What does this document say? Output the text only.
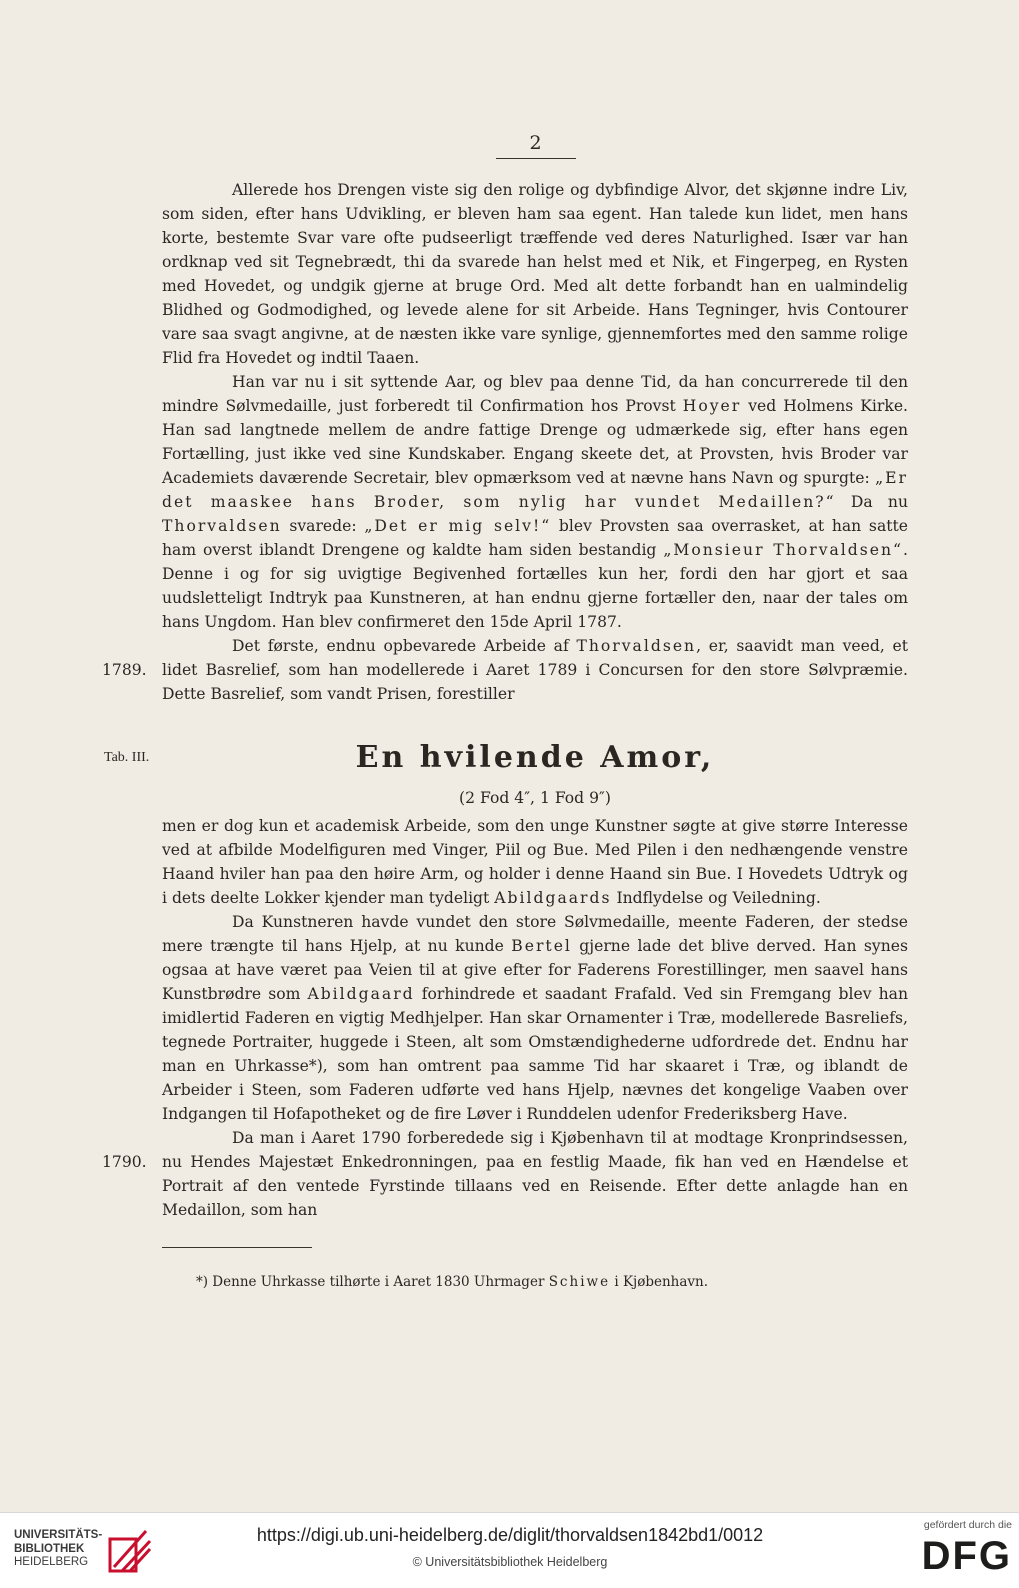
2

Allerede hos Drengen viste sig den rolige og dybfindige Alvor, det skjønne indre Liv, som siden, efter hans Udvikling, er bleven ham saa egent. Han talede kun lidet, men hans korte, bestemte Svar vare ofte pudseerligt træffende ved deres Naturlighed. Især var han ordknap ved sit Tegnebrædt, thi da svarede han helst med et Nik, et Fingerpeg, en Rysten med Hovedet, og undgik gjerne at bruge Ord. Med alt dette forbandt han en ualmindelig Blidhed og Godmodighed, og levede alene for sit Arbeide. Hans Tegninger, hvis Contourer vare saa svagt angivne, at de næsten ikke vare synlige, gjennemfortes med den samme rolige Flid fra Hovedet og indtil Taaen.

Han var nu i sit syttende Aar, og blev paa denne Tid, da han concurrerede til den mindre Sølvmedaille, just forberedt til Confirmation hos Provst Hoyer ved Holmens Kirke. Han sad langtnede mellem de andre fattige Drenge og udmærkede sig, efter hans egen Fortælling, just ikke ved sine Kundskaber. Engang skeete det, at Provsten, hvis Broder var Academiets daværende Secretair, blev opmærksom ved at nævne hans Navn og spurgte: „Er det maaskee hans Broder, som nylig har vundet Medaillen?“ Da nu Thorvaldsen svarede: „Det er mig selv!“ blev Provsten saa overrasket, at han satte ham overst iblandt Drengene og kaldte ham siden bestandig „Monsieur Thorvaldsen“. Denne i og for sig uvigtige Begivenhed fortælles kun her, fordi den har gjort et saa uudsletteligt Indtryk paa Kunstneren, at han endnu gjerne fortæller den, naar der tales om hans Ungdom. Han blev confirmeret den 15de April 1787.

Det første, endnu opbevarede Arbeide af Thorvaldsen, er, saavidt man veed, et lidet Basrelief, som han modellerede i Aaret 1789 i Concursen for den store Sølvpræmie. Dette Basrelief, som vandt Prisen, forestiller

1789.
Tab. III.	En hvilende Amor,
(2 Fod 4″, 1 Fod 9″)

men er dog kun et academisk Arbeide, som den unge Kunstner søgte at give større Interesse ved at afbilde Modelfiguren med Vinger, Piil og Bue. Med Pilen i den nedhængende venstre Haand hviler han paa den høire Arm, og holder i denne Haand sin Bue. I Hovedets Udtryk og i dets deelte Lokker kjender man tydeligt Abildgaards Indflydelse og Veiledning.

Da Kunstneren havde vundet den store Sølvmedaille, meente Faderen, der stedse mere trængte til hans Hjelp, at nu kunde Bertel gjerne lade det blive derved. Han synes ogsaa at have været paa Veien til at give efter for Faderens Forestillinger, men saavel hans Kunstbrødre som Abildgaard forhindrede et saadant Frafald. Ved sin Fremgang blev han imidlertid Faderen en vigtig Medhjelper. Han skar Ornamenter i Træ, modellerede Basreliefs, tegnede Portraiter, huggede i Steen, alt som Omstændighederne udfordrede det. Endnu har man en Uhrkasse*), som han omtrent paa samme Tid har skaaret i Træ, og iblandt de Arbeider i Steen, som Faderen udførte ved hans Hjelp, nævnes det kongelige Vaaben over Indgangen til Hofapotheket og de fire Løver i Runddelen udenfor Frederiksberg Have.

Da man i Aaret 1790 forberedede sig i Kjøbenhavn til at modtage Kronprindsessen, nu Hendes Majestæt Enkedronningen, paa en festlig Maade, fik han ved en Hændelse et Portrait af den ventede Fyrstinde tillaans ved en Reisende. Efter dette anlagde han en Medaillon, som han

1790.
*) Denne Uhrkasse tilhørte i Aaret 1830 Uhrmager Schiwe i Kjøbenhavn.
UNIVERSITÄTS-
BIBLIOTHEK
HEIDELBERG
https://digi.ub.uni-heidelberg.de/diglit/thorvaldsen1842bd1/0012
© Universitätsbibliothek Heidelberg
gefördert durch die
DFG
